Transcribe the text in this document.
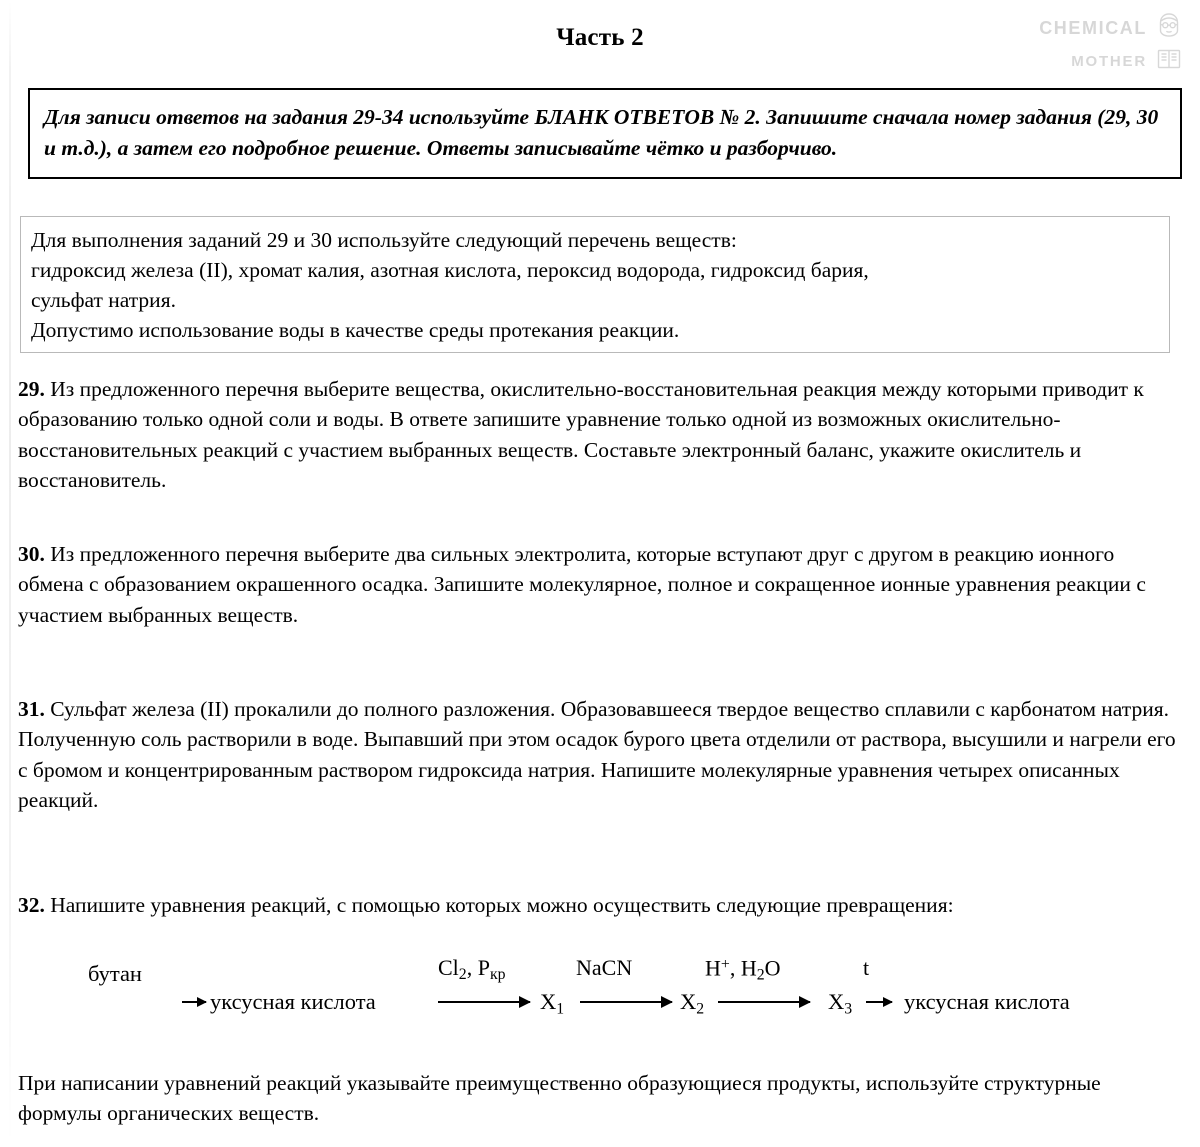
Часть 2	CHEMICAL
MOTHER

Для записи ответов на задания 29-34 используйте БЛАНК ОТВЕТОВ № 2. Запишите сначала номер задания (29, 30 и т.д.), а затем его подробное решение. Ответы записывайте чётко и разборчиво.

Для выполнения заданий 29 и 30 используйте следующий перечень веществ:

гидроксид железа (II), хромат калия, азотная кислота, пероксид водорода, гидроксид бария,

сульфат натрия.

Допустимо использование воды в качестве среды протекания реакции.

29. Из предложенного перечня выберите вещества, окислительно-восстановительная реакция между которыми приводит к образованию только одной соли и воды. В ответе запишите уравнение только одной из возможных окислительно-восстановительных реакций с участием выбранных веществ. Составьте электронный баланс, укажите окислитель и восстановитель.

30. Из предложенного перечня выберите два сильных электролита, которые вступают друг с другом в реакцию ионного обмена с образованием окрашенного осадка. Запишите молекулярное, полное и сокращенное ионные уравнения реакции с участием выбранных веществ.

31. Сульфат железа (II) прокалили до полного разложения. Образовавшееся твердое вещество сплавили с карбонатом натрия. Полученную соль растворили в воде. Выпавший при этом осадок бурого цвета отделили от раствора, высушили и нагрели его с бромом и концентрированным раствором гидроксида натрия. Напишите молекулярные уравнения четырех описанных реакций.

32. Напишите уравнения реакций, с помощью которых можно осуществить следующие превращения:

$Cl_2$, $P_{кр}$	NaCN	H+, $H_2O$	t
бутан
уксусная кислота	$X_1$	$X_2$	$X_3$ уксусная кислота

При написании уравнений реакций указывайте преимущественно образующиеся продукты, используйте структурные формулы органических веществ.
